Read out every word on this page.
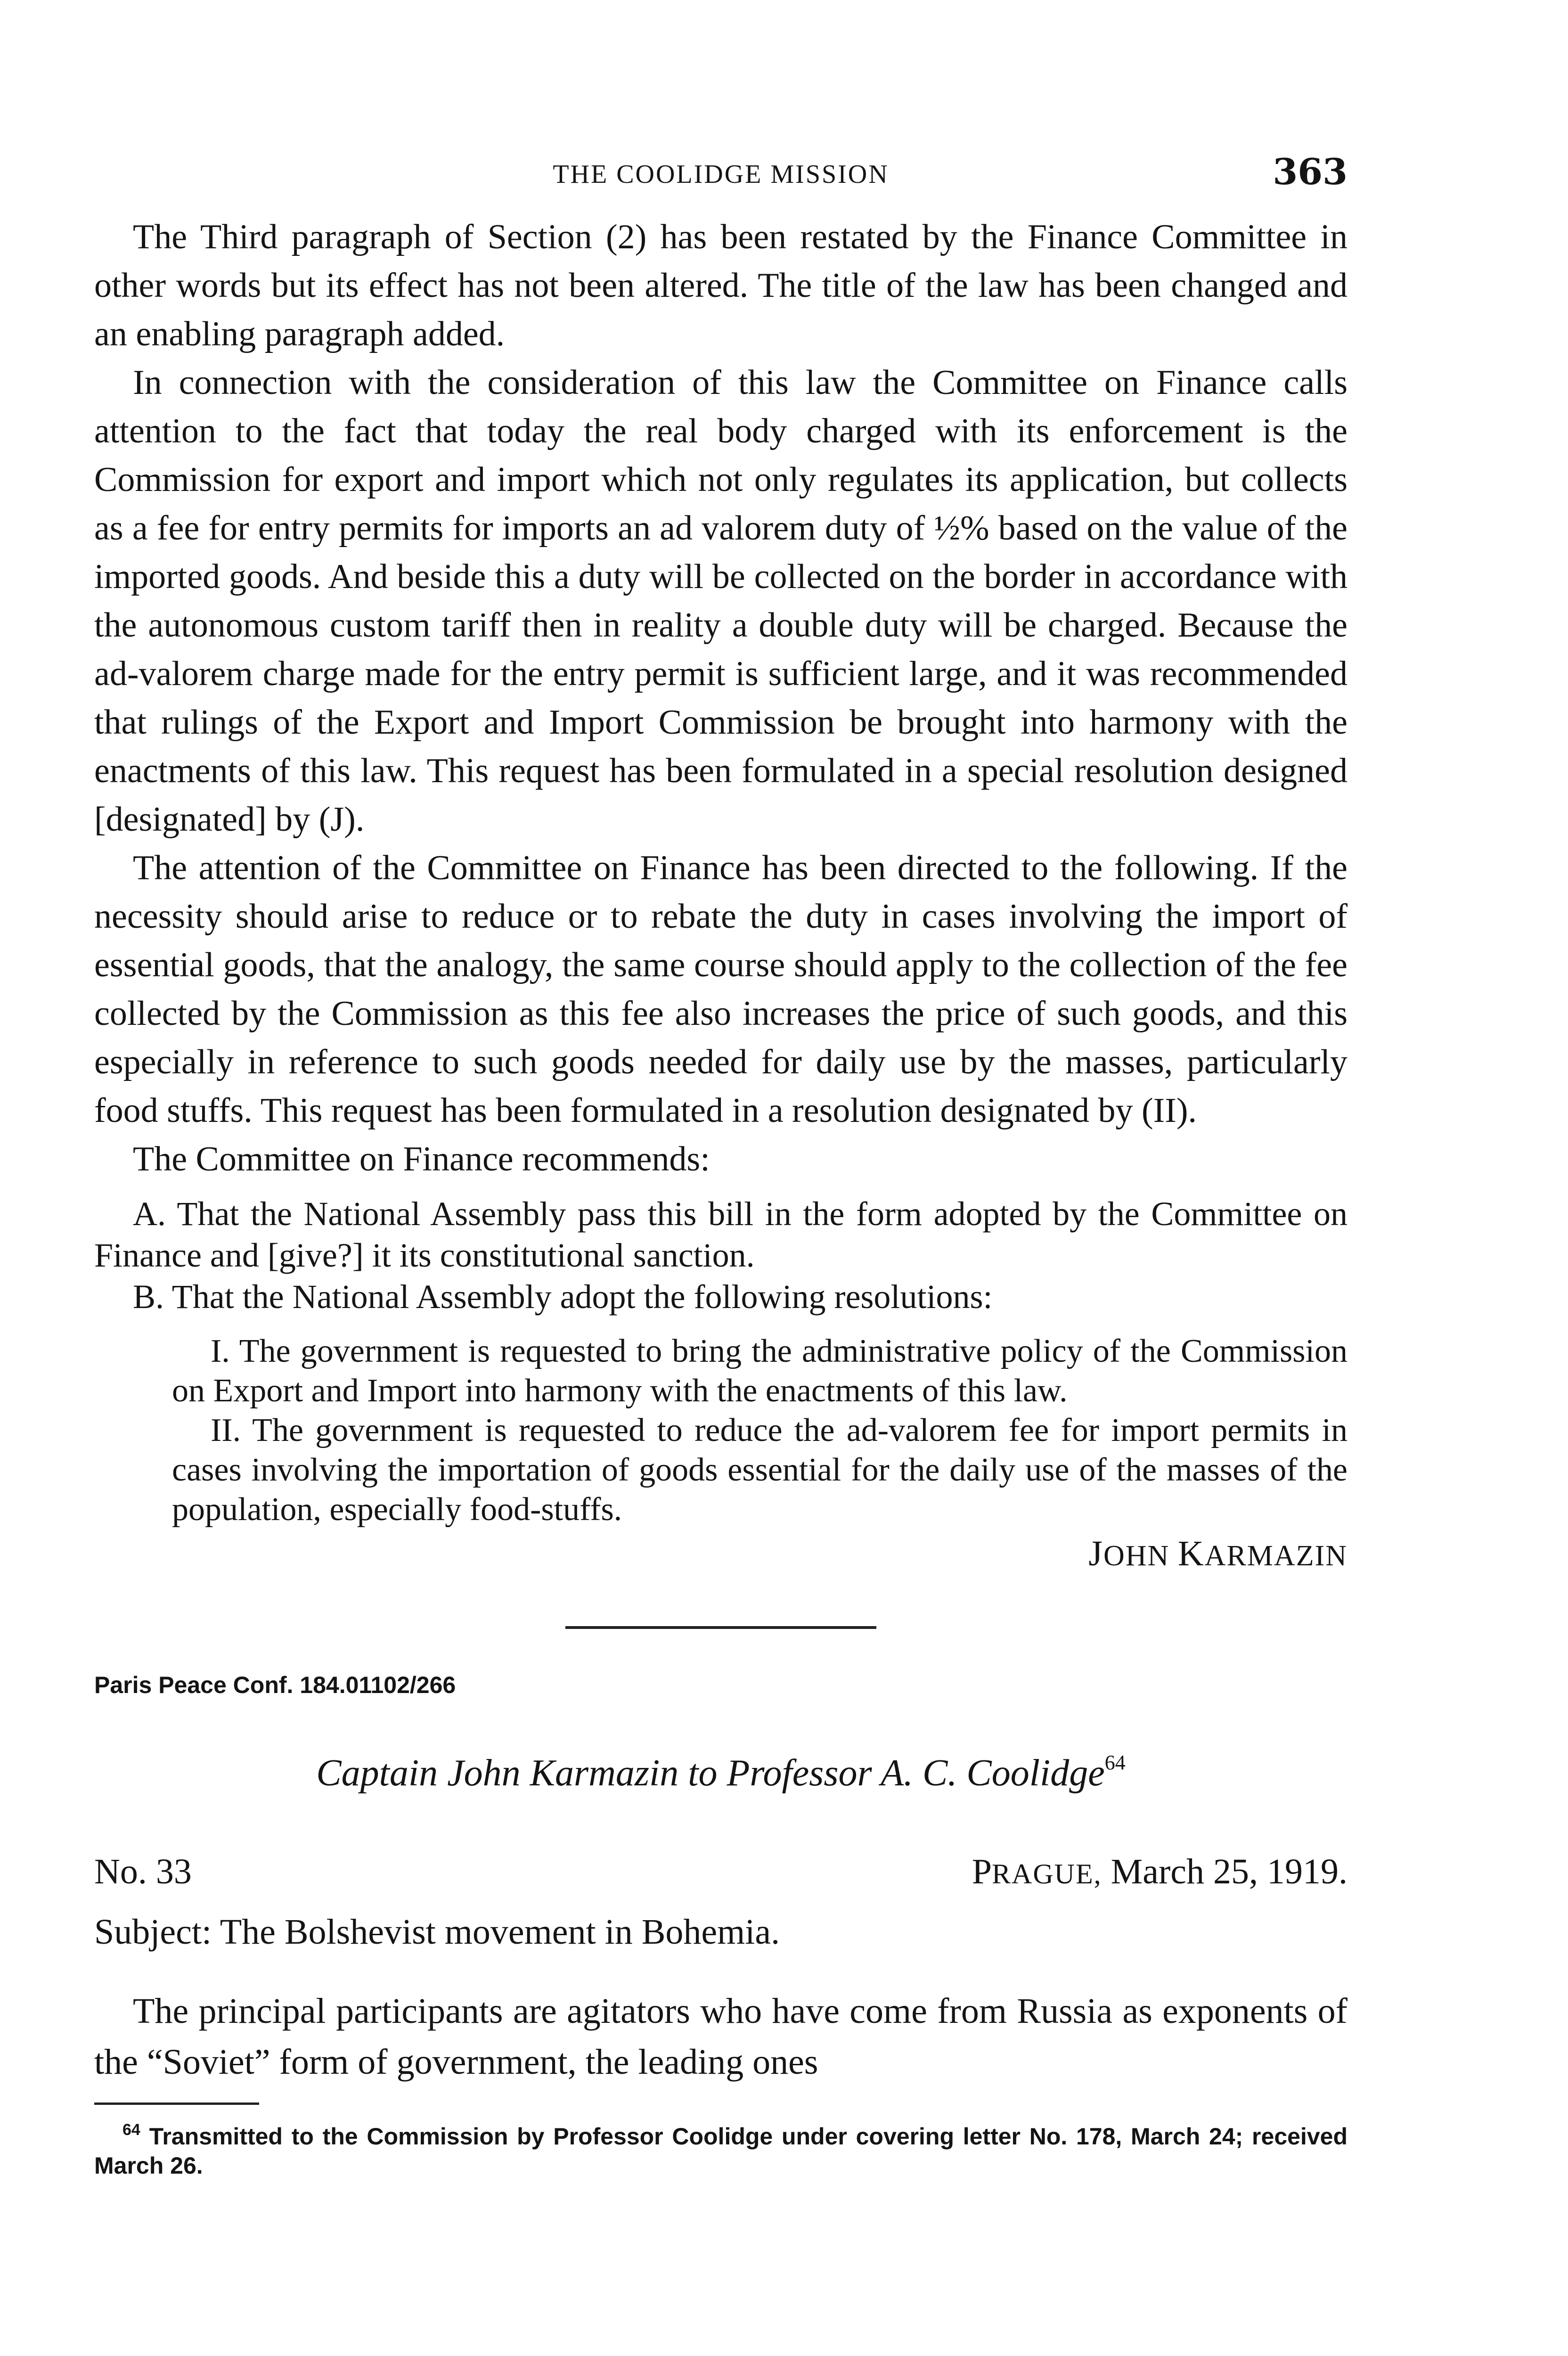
THE COOLIDGE MISSION	363

The Third paragraph of Section (2) has been restated by the Finance Committee in other words but its effect has not been altered. The title of the law has been changed and an enabling paragraph added.

In connection with the consideration of this law the Committee on Finance calls attention to the fact that today the real body charged with its enforcement is the Commission for export and import which not only regulates its application, but collects as a fee for entry permits for imports an ad valorem duty of ½% based on the value of the imported goods. And beside this a duty will be collected on the border in accordance with the autonomous custom tariff then in reality a double duty will be charged. Because the ad-valorem charge made for the entry permit is sufficient large, and it was recommended that rulings of the Export and Import Commission be brought into harmony with the enactments of this law. This request has been formulated in a special resolution designed [designated] by (J).

The attention of the Committee on Finance has been directed to the following. If the necessity should arise to reduce or to rebate the duty in cases involving the import of essential goods, that the analogy, the same course should apply to the collection of the fee collected by the Commission as this fee also increases the price of such goods, and this especially in reference to such goods needed for daily use by the masses, particularly food stuffs. This request has been formulated in a resolution designated by (II).

The Committee on Finance recommends:

A. That the National Assembly pass this bill in the form adopted by the Committee on Finance and [give?] it its constitutional sanction.

B. That the National Assembly adopt the following resolutions:

I. The government is requested to bring the administrative policy of the Commission on Export and Import into harmony with the enactments of this law.

II. The government is requested to reduce the ad-valorem fee for import permits in cases involving the importation of goods essential for the daily use of the masses of the population, especially food-stuffs.

JOHN KARMAZIN
Paris Peace Conf. 184.01102/266
Captain John Karmazin to Professor A. C. Coolidge$^{64}$
No. 33	PRAGUE, March 25, 1919.
Subject: The Bolshevist movement in Bohemia.

The principal participants are agitators who have come from Russia as exponents of the “Soviet” form of government, the leading ones

$^{64}$ Transmitted to the Commission by Professor Coolidge under covering letter No. 178, March 24; received March 26.
